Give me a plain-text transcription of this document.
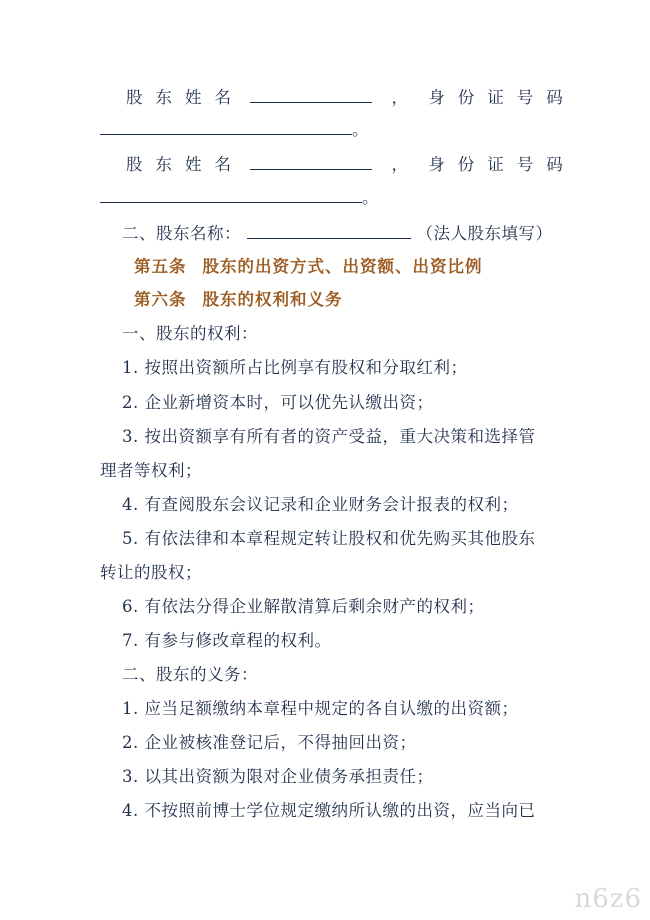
股东姓名	， 身份证号码
。
股东姓名	， 身份证号码
。
二、股东名称：	（法人股东填写）
第五条 股东的出资方式、出资额、出资比例
第六条 股东的权利和义务
一、股东的权利：
1. 按照出资额所占比例享有股权和分取红利；
2. 企业新增资本时，可以优先认缴出资；
3. 按出资额享有所有者的资产受益，重大决策和选择管
理者等权利；
4. 有查阅股东会议记录和企业财务会计报表的权利；
5. 有依法律和本章程规定转让股权和优先购买其他股东
转让的股权；
6. 有依法分得企业解散清算后剩余财产的权利；
7. 有参与修改章程的权利。
二、股东的义务：
1. 应当足额缴纳本章程中规定的各自认缴的出资额；
2. 企业被核准登记后，不得抽回出资；
3. 以其出资额为限对企业债务承担责任；
4. 不按照前博士学位规定缴纳所认缴的出资，应当向已
n6z6
